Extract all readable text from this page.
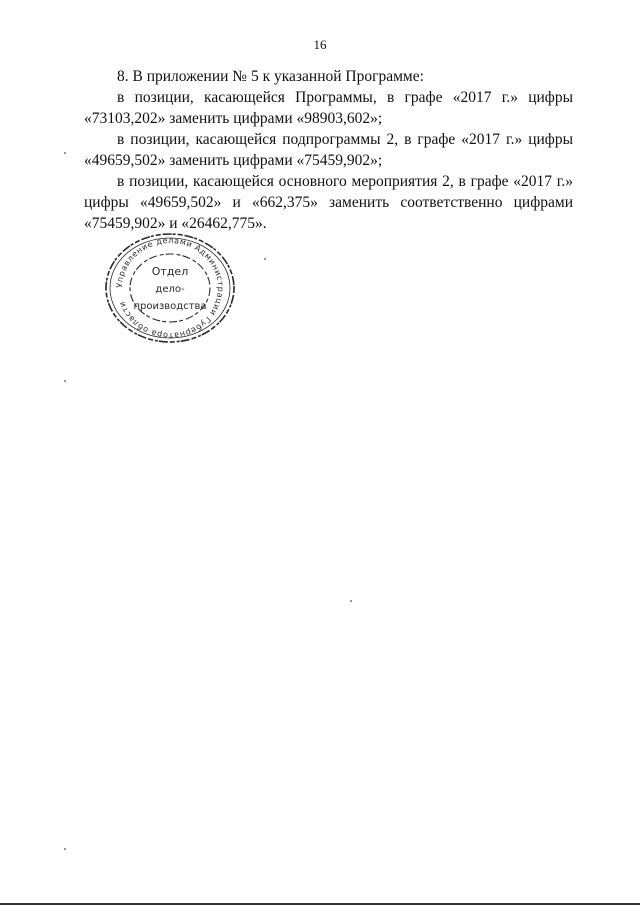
16

8. В приложении № 5 к указанной Программе:

в позиции, касающейся Программы, в графе «2017 г.» цифры «73103,202» заменить цифрами «98903,602»;

в позиции, касающейся подпрограммы 2, в графе «2017 г.» цифры «49659,502» заменить цифрами «75459,902»;

в позиции, касающейся основного мероприятия 2, в графе «2017 г.» цифры «49659,502» и «662,375» заменить соответственно цифрами «75459,902» и «26462,775».

Управление делами Администрации Губернатора области
Отдел
дело-
производства
